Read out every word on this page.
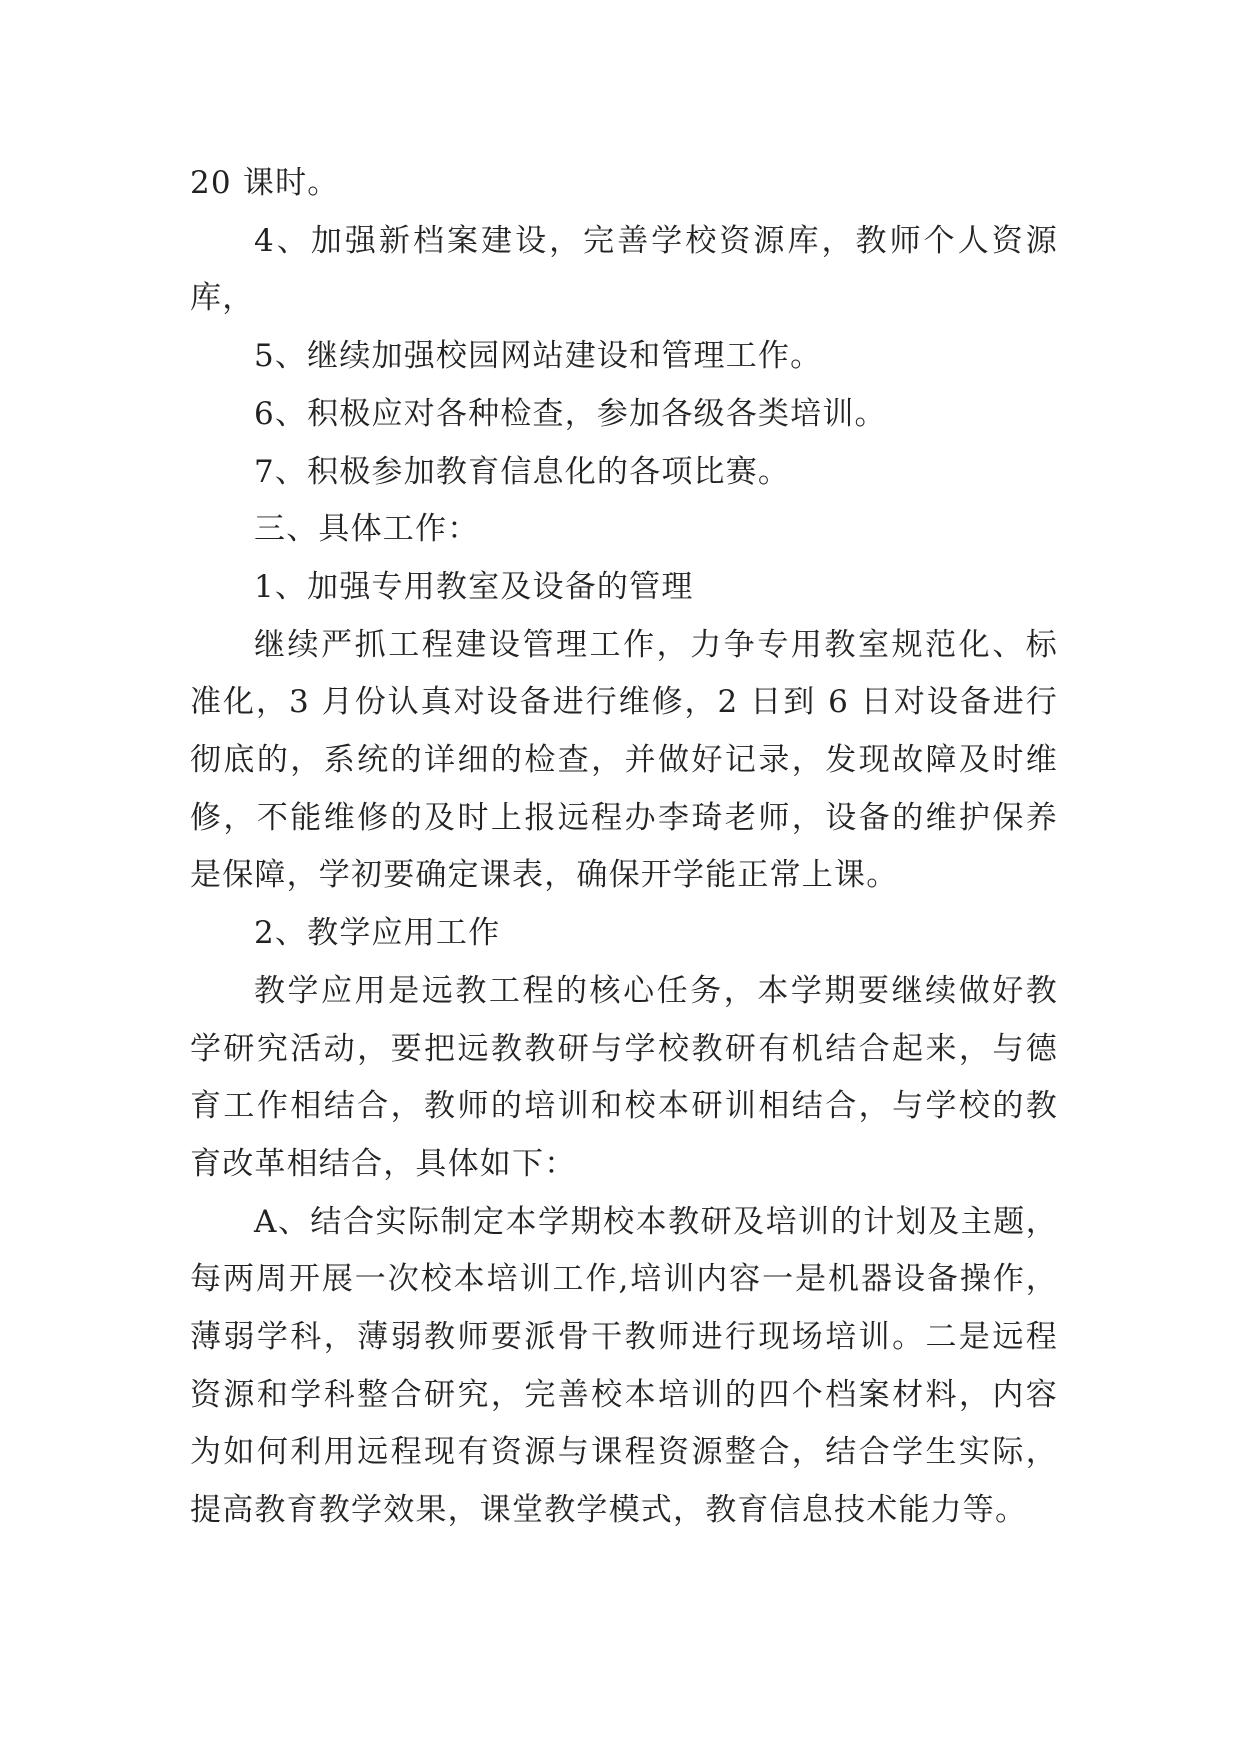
20 课时。

4、加强新档案建设，完善学校资源库，教师个人资源库，

5、继续加强校园网站建设和管理工作。

6、积极应对各种检查，参加各级各类培训。

7、积极参加教育信息化的各项比赛。

三、具体工作：

1、加强专用教室及设备的管理

继续严抓工程建设管理工作，力争专用教室规范化、标准化，3 月份认真对设备进行维修，2 日到 6 日对设备进行彻底的，系统的详细的检查，并做好记录，发现故障及时维修，不能维修的及时上报远程办李琦老师，设备的维护保养是保障，学初要确定课表，确保开学能正常上课。

2、教学应用工作

教学应用是远教工程的核心任务，本学期要继续做好教学研究活动，要把远教教研与学校教研有机结合起来，与德育工作相结合，教师的培训和校本研训相结合，与学校的教育改革相结合，具体如下：

A、结合实际制定本学期校本教研及培训的计划及主题，每两周开展一次校本培训工作,培训内容一是机器设备操作，薄弱学科，薄弱教师要派骨干教师进行现场培训。二是远程资源和学科整合研究，完善校本培训的四个档案材料，内容为如何利用远程现有资源与课程资源整合，结合学生实际，提高教育教学效果，课堂教学模式，教育信息技术能力等。
